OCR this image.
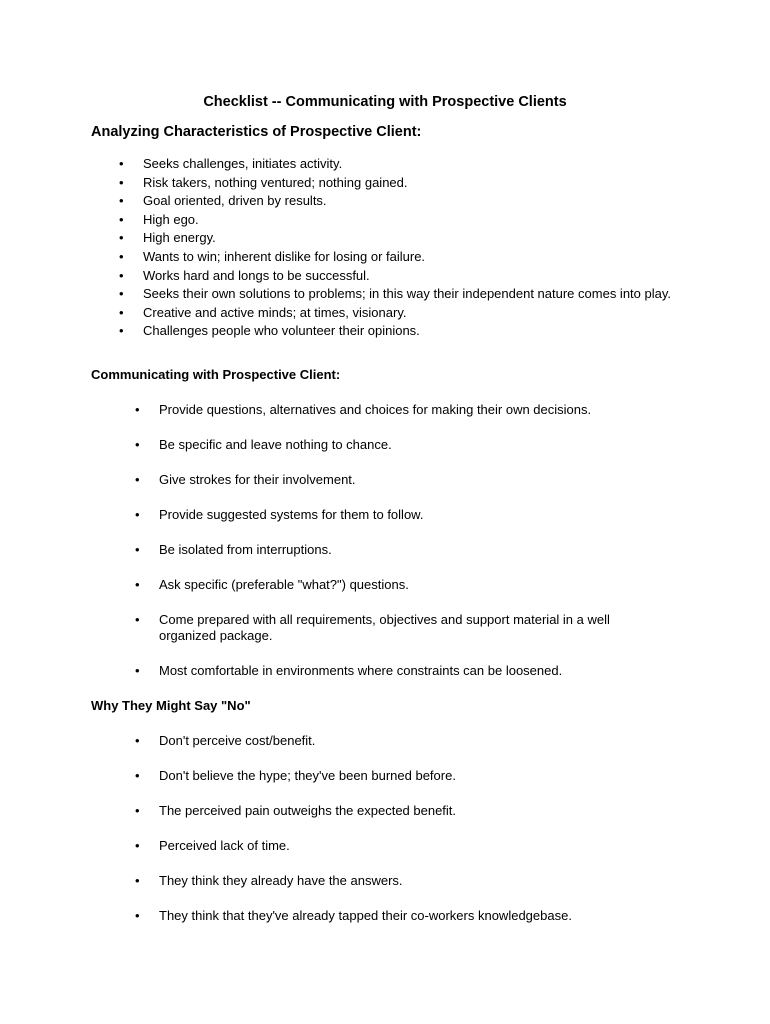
Checklist -- Communicating with Prospective Clients
Analyzing Characteristics of Prospective Client:
• Seeks challenges, initiates activity.
• Risk takers, nothing ventured; nothing gained.
• Goal oriented, driven by results.
• High ego.
• High energy.
• Wants to win; inherent dislike for losing or failure.
• Works hard and longs to be successful.
• Seeks their own solutions to problems; in this way their independent nature comes into play.
• Creative and active minds; at times, visionary.
• Challenges people who volunteer their opinions.
Communicating with Prospective Client:
• Provide questions, alternatives and choices for making their own decisions.
• Be specific and leave nothing to chance.
• Give strokes for their involvement.
• Provide suggested systems for them to follow.
• Be isolated from interruptions.
• Ask specific (preferable "what?") questions.
• Come prepared with all requirements, objectives and support material in a well organized package.
• Most comfortable in environments where constraints can be loosened.
Why They Might Say "No"
• Don't perceive cost/benefit.
• Don't believe the hype; they've been burned before.
• The perceived pain outweighs the expected benefit.
• Perceived lack of time.
• They think they already have the answers.
• They think that they've already tapped their co-workers knowledgebase.
